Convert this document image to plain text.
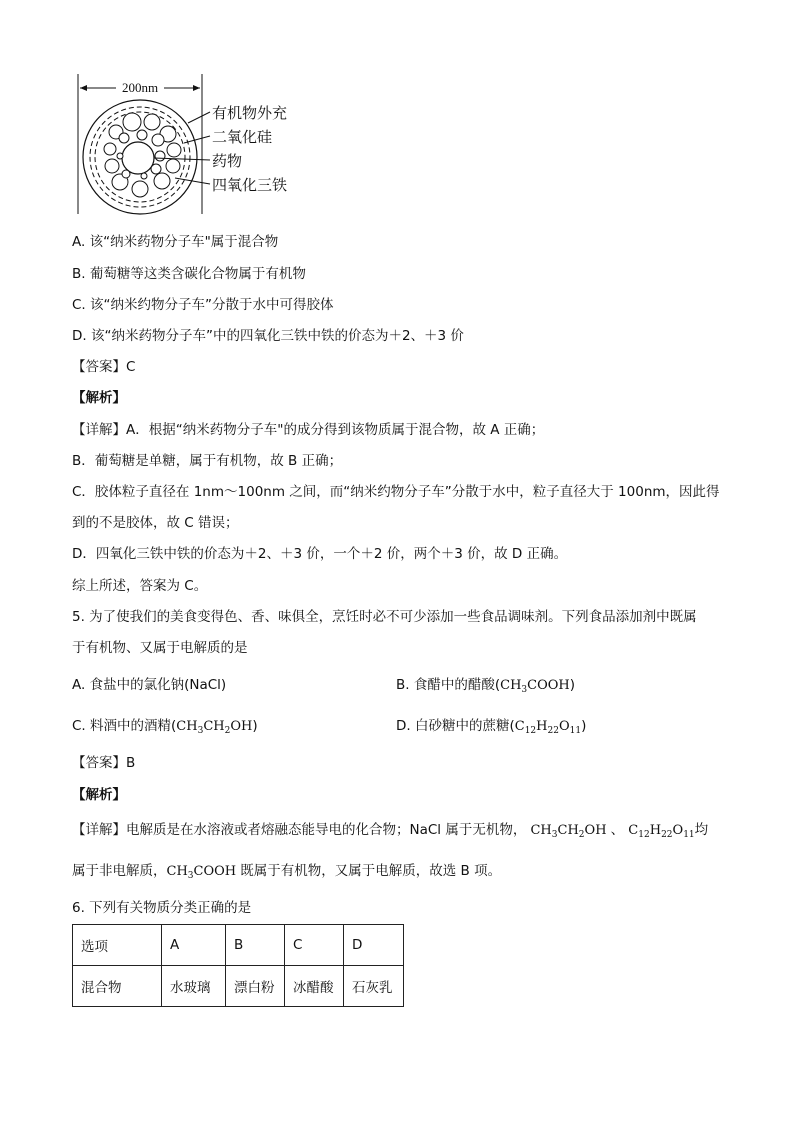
200nm
有机物外充
二氧化硅
药物
四氧化三铁
A. 该“纳米药物分子车"属于混合物
B. 葡萄糖等这类含碳化合物属于有机物
C. 该“纳米约物分子车”分散于水中可得胶体
D. 该“纳米药物分子车”中的四氧化三铁中铁的价态为＋2、＋3 价
【答案】C
【解析】
【详解】A．根据“纳米药物分子车"的成分得到该物质属于混合物，故 A 正确；
B．葡萄糖是单糖，属于有机物，故 B 正确；
C．胶体粒子直径在 1nm～100nm 之间，而“纳米约物分子车”分散于水中，粒子直径大于 100nm，因此得
到的不是胶体，故 C 错误；
D．四氧化三铁中铁的价态为＋2、＋3 价，一个＋2 价，两个＋3 价，故 D 正确。
综上所述，答案为 C。
5. 为了使我们的美食变得色、香、味俱全，烹饪时必不可少添加一些食品调味剂。下列食品添加剂中既属
于有机物、又属于电解质的是
A. 食盐中的氯化钠(NaCl)	B. 食醋中的醋酸$(CH_3COOH)$
C. 料酒中的酒精$(CH_3CH_2OH)$	D. 白砂糖中的蔗糖$(C_{12}H_{22}O_{11})$
【答案】B
【解析】
【详解】电解质是在水溶液或者熔融态能导电的化合物；NaCl 属于无机物， $CH_3CH_2OH$ 、 $C_{12}H_{22}O_{11}$均
属于非电解质，$CH_3COOH$ 既属于有机物，又属于电解质，故选 B 项。
6. 下列有关物质分类正确的是
选项	A	B	C	D
混合物	水玻璃	漂白粉	冰醋酸	石灰乳
